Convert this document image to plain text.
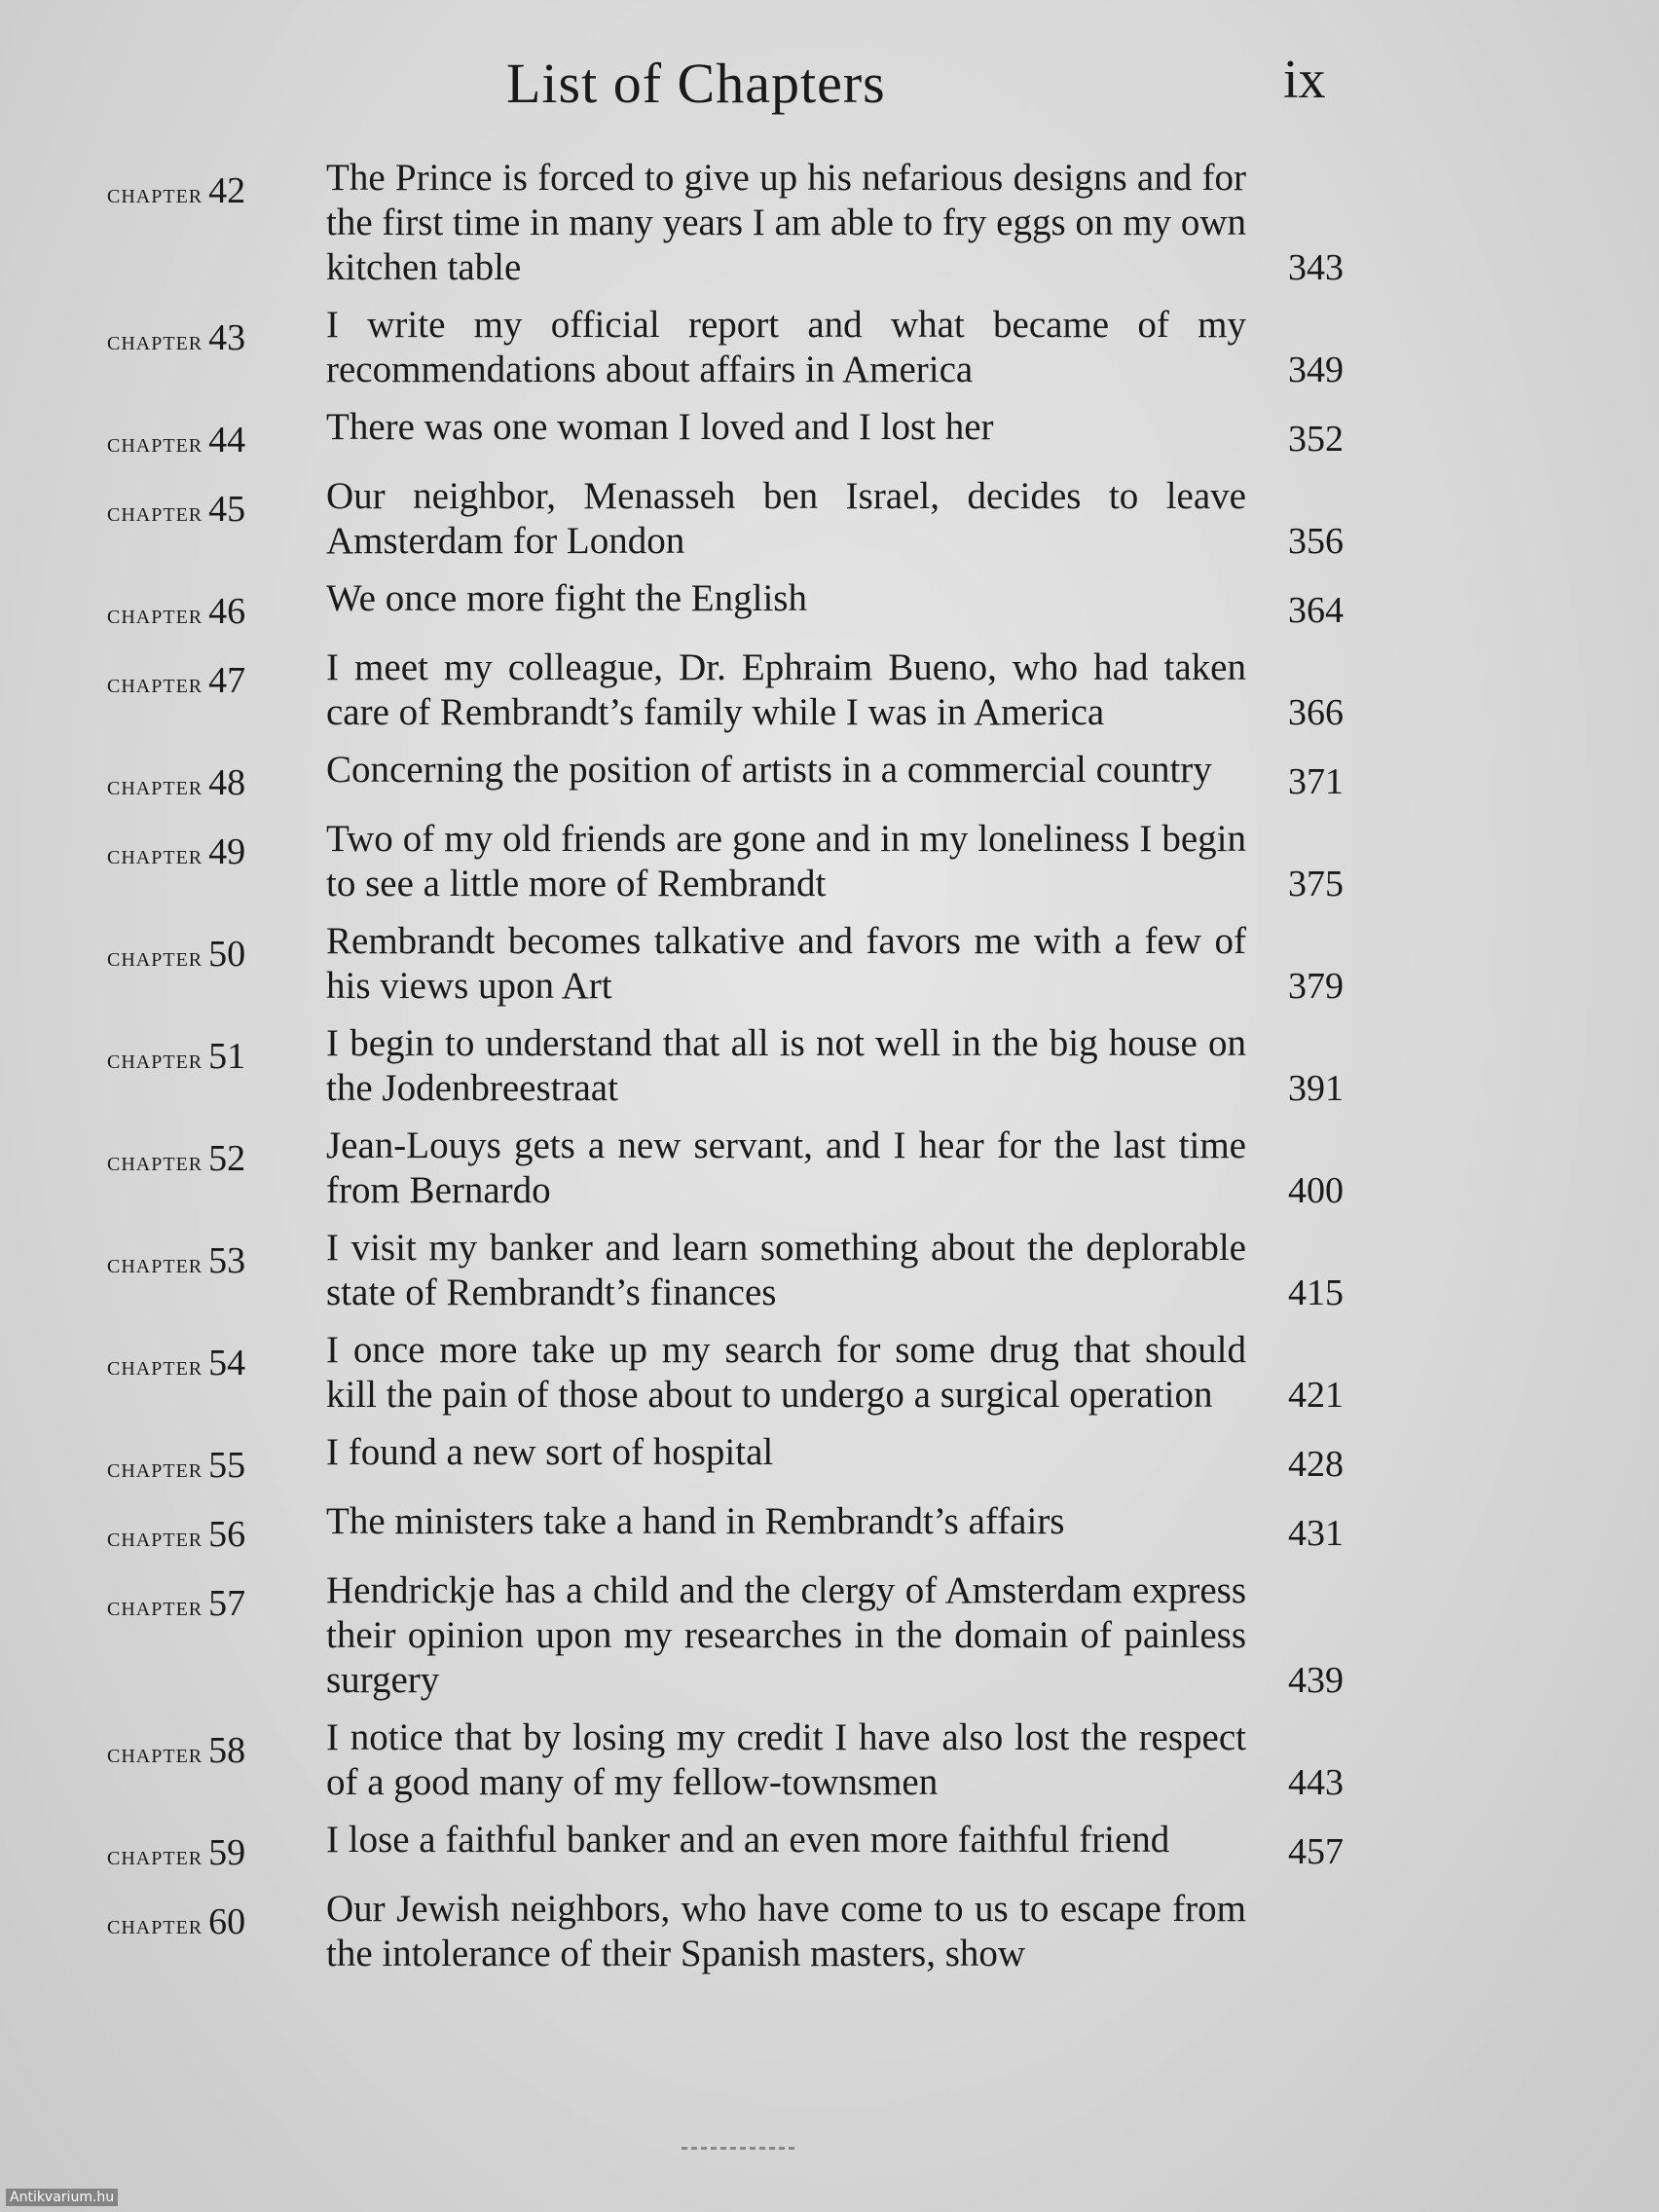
List of Chapters	ix
chapter 42	The Prince is forced to give up his nefarious designs and for the first time in many years I am able to fry eggs on my own kitchen table	343
chapter 43	I write my official report and what became of my recommendations about affairs in America	349
chapter 44	There was one woman I loved and I lost her	352
chapter 45	Our neighbor, Menasseh ben Israel, decides to leave Amsterdam for London	356
chapter 46	We once more fight the English	364
chapter 47	I meet my colleague, Dr. Ephraim Bueno, who had taken care of Rembrandt’s family while I was in America	366
chapter 48	Concerning the position of artists in a commercial country	371
chapter 49	Two of my old friends are gone and in my loneliness I begin to see a little more of Rembrandt	375
chapter 50	Rembrandt becomes talkative and favors me with a few of his views upon Art	379
chapter 51	I begin to understand that all is not well in the big house on the Jodenbreestraat	391
chapter 52	Jean-Louys gets a new servant, and I hear for the last time from Bernardo	400
chapter 53	I visit my banker and learn something about the deplorable state of Rembrandt’s finances	415
chapter 54	I once more take up my search for some drug that should kill the pain of those about to undergo a surgical operation	421
chapter 55	I found a new sort of hospital	428
chapter 56	The ministers take a hand in Rembrandt’s affairs	431
chapter 57	Hendrickje has a child and the clergy of Amsterdam express their opinion upon my researches in the domain of painless surgery	439
chapter 58	I notice that by losing my credit I have also lost the respect of a good many of my fellow-townsmen	443
chapter 59	I lose a faithful banker and an even more faithful friend	457
chapter 60	Our Jewish neighbors, who have come to us to escape from the intolerance of their Spanish masters, show
Antikvarium.hu
